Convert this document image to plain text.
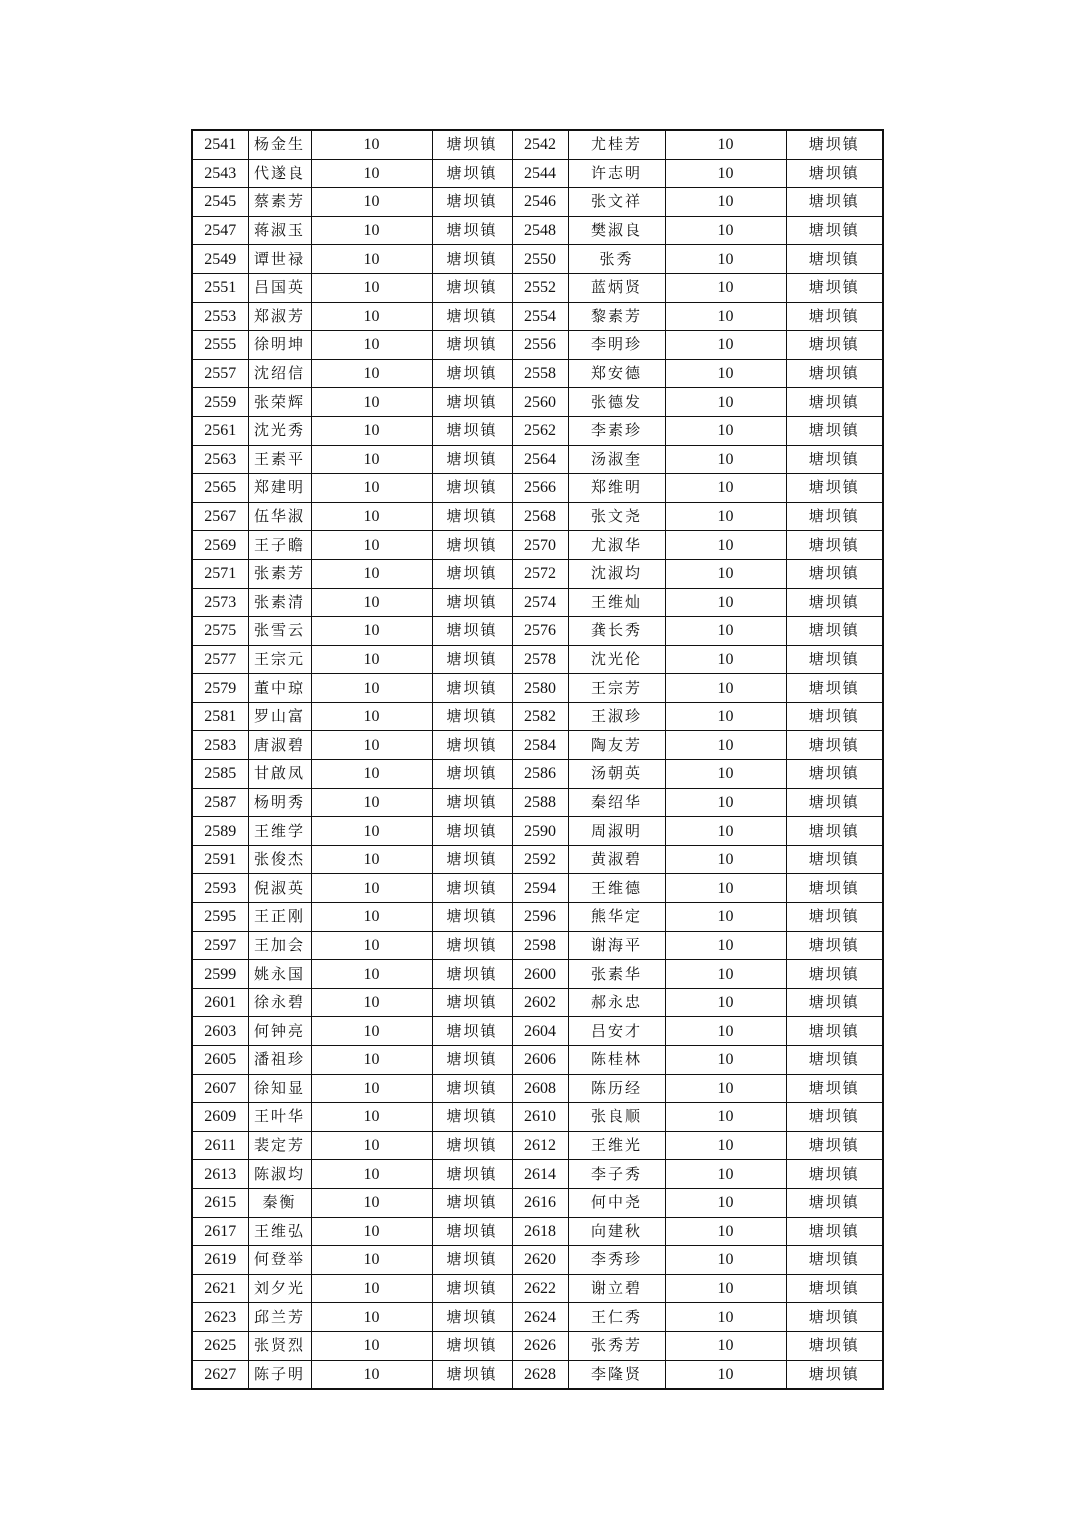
2541	杨金生	10	塘坝镇	2542	尤桂芳	10	塘坝镇
2543	代遂良	10	塘坝镇	2544	许志明	10	塘坝镇
2545	蔡素芳	10	塘坝镇	2546	张文祥	10	塘坝镇
2547	蒋淑玉	10	塘坝镇	2548	樊淑良	10	塘坝镇
2549	谭世禄	10	塘坝镇	2550	张秀	10	塘坝镇
2551	吕国英	10	塘坝镇	2552	蓝炳贤	10	塘坝镇
2553	郑淑芳	10	塘坝镇	2554	黎素芳	10	塘坝镇
2555	徐明坤	10	塘坝镇	2556	李明珍	10	塘坝镇
2557	沈绍信	10	塘坝镇	2558	郑安德	10	塘坝镇
2559	张荣辉	10	塘坝镇	2560	张德发	10	塘坝镇
2561	沈光秀	10	塘坝镇	2562	李素珍	10	塘坝镇
2563	王素平	10	塘坝镇	2564	汤淑奎	10	塘坝镇
2565	郑建明	10	塘坝镇	2566	郑维明	10	塘坝镇
2567	伍华淑	10	塘坝镇	2568	张文尧	10	塘坝镇
2569	王子瞻	10	塘坝镇	2570	尤淑华	10	塘坝镇
2571	张素芳	10	塘坝镇	2572	沈淑均	10	塘坝镇
2573	张素清	10	塘坝镇	2574	王维灿	10	塘坝镇
2575	张雪云	10	塘坝镇	2576	龚长秀	10	塘坝镇
2577	王宗元	10	塘坝镇	2578	沈光伦	10	塘坝镇
2579	董中琼	10	塘坝镇	2580	王宗芳	10	塘坝镇
2581	罗山富	10	塘坝镇	2582	王淑珍	10	塘坝镇
2583	唐淑碧	10	塘坝镇	2584	陶友芳	10	塘坝镇
2585	甘啟凤	10	塘坝镇	2586	汤朝英	10	塘坝镇
2587	杨明秀	10	塘坝镇	2588	秦绍华	10	塘坝镇
2589	王维学	10	塘坝镇	2590	周淑明	10	塘坝镇
2591	张俊杰	10	塘坝镇	2592	黄淑碧	10	塘坝镇
2593	倪淑英	10	塘坝镇	2594	王维德	10	塘坝镇
2595	王正刚	10	塘坝镇	2596	熊华定	10	塘坝镇
2597	王加会	10	塘坝镇	2598	谢海平	10	塘坝镇
2599	姚永国	10	塘坝镇	2600	张素华	10	塘坝镇
2601	徐永碧	10	塘坝镇	2602	郝永忠	10	塘坝镇
2603	何钟亮	10	塘坝镇	2604	吕安才	10	塘坝镇
2605	潘祖珍	10	塘坝镇	2606	陈桂林	10	塘坝镇
2607	徐知显	10	塘坝镇	2608	陈历经	10	塘坝镇
2609	王叶华	10	塘坝镇	2610	张良顺	10	塘坝镇
2611	裴定芳	10	塘坝镇	2612	王维光	10	塘坝镇
2613	陈淑均	10	塘坝镇	2614	李子秀	10	塘坝镇
2615	秦衡	10	塘坝镇	2616	何中尧	10	塘坝镇
2617	王维弘	10	塘坝镇	2618	向建秋	10	塘坝镇
2619	何登举	10	塘坝镇	2620	李秀珍	10	塘坝镇
2621	刘夕光	10	塘坝镇	2622	谢立碧	10	塘坝镇
2623	邱兰芳	10	塘坝镇	2624	王仁秀	10	塘坝镇
2625	张贤烈	10	塘坝镇	2626	张秀芳	10	塘坝镇
2627	陈子明	10	塘坝镇	2628	李隆贤	10	塘坝镇
